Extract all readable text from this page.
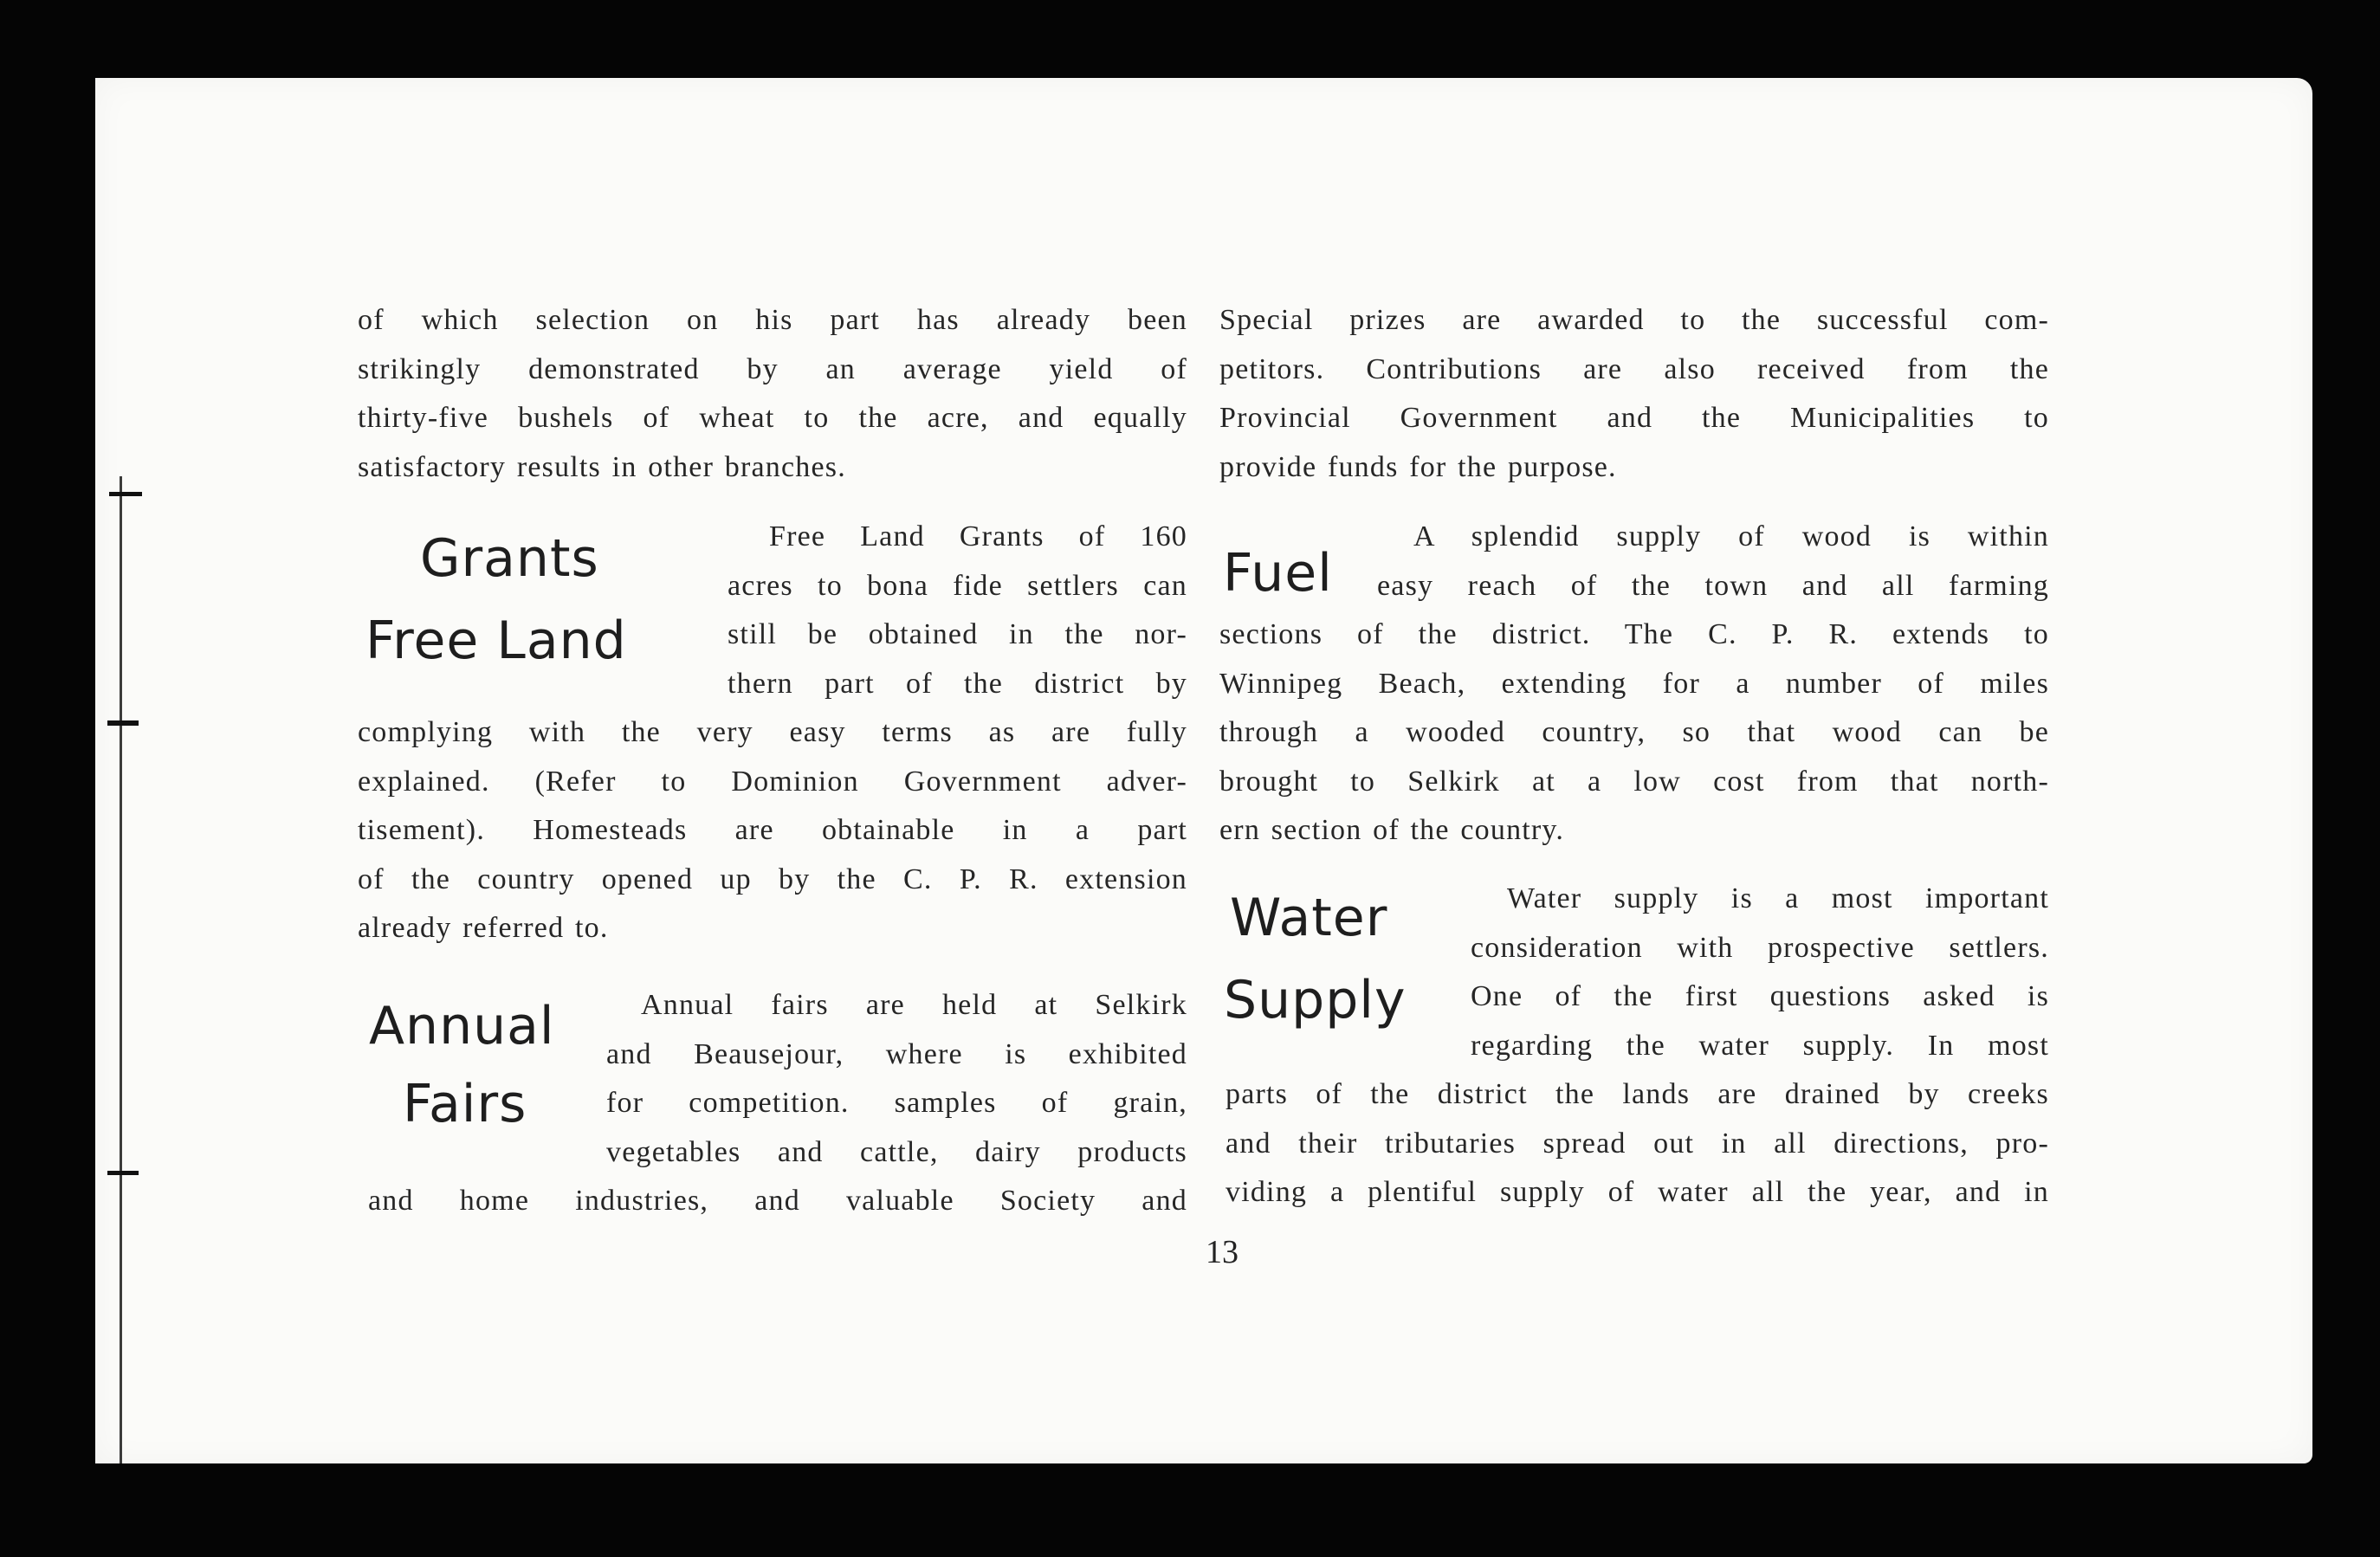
of which selection on his part has already been

strikingly demonstrated by an average yield of

thirty-five bushels of wheat to the acre, and equally

satisfactory results in other branches.

Grants
Free Land

Free Land Grants of 160

acres to bona fide settlers can

still be obtained in the nor-

thern part of the district by

complying with the very easy terms as are fully

explained. (Refer to Dominion Government adver-

tisement). Homesteads are obtainable in a part

of the country opened up by the C. P. R. extension

already referred to.

Annual
Fairs

Annual fairs are held at Selkirk

and Beausejour, where is exhibited

for competition. samples of grain,

vegetables and cattle, dairy products

and home industries, and valuable Society and

Special prizes are awarded to the successful com-

petitors. Contributions are also received from the

Provincial Government and the Municipalities to

provide funds for the purpose.

Fuel

A splendid supply of wood is within

easy reach of the town and all farming

sections of the district. The C. P. R. extends to

Winnipeg Beach, extending for a number of miles

through a wooded country, so that wood can be

brought to Selkirk at a low cost from that north-

ern section of the country.

Water
Supply

Water supply is a most important

consideration with prospective settlers.

One of the first questions asked is

regarding the water supply. In most

parts of the district the lands are drained by creeks

and their tributaries spread out in all directions, pro-

viding a plentiful supply of water all the year, and in

13
